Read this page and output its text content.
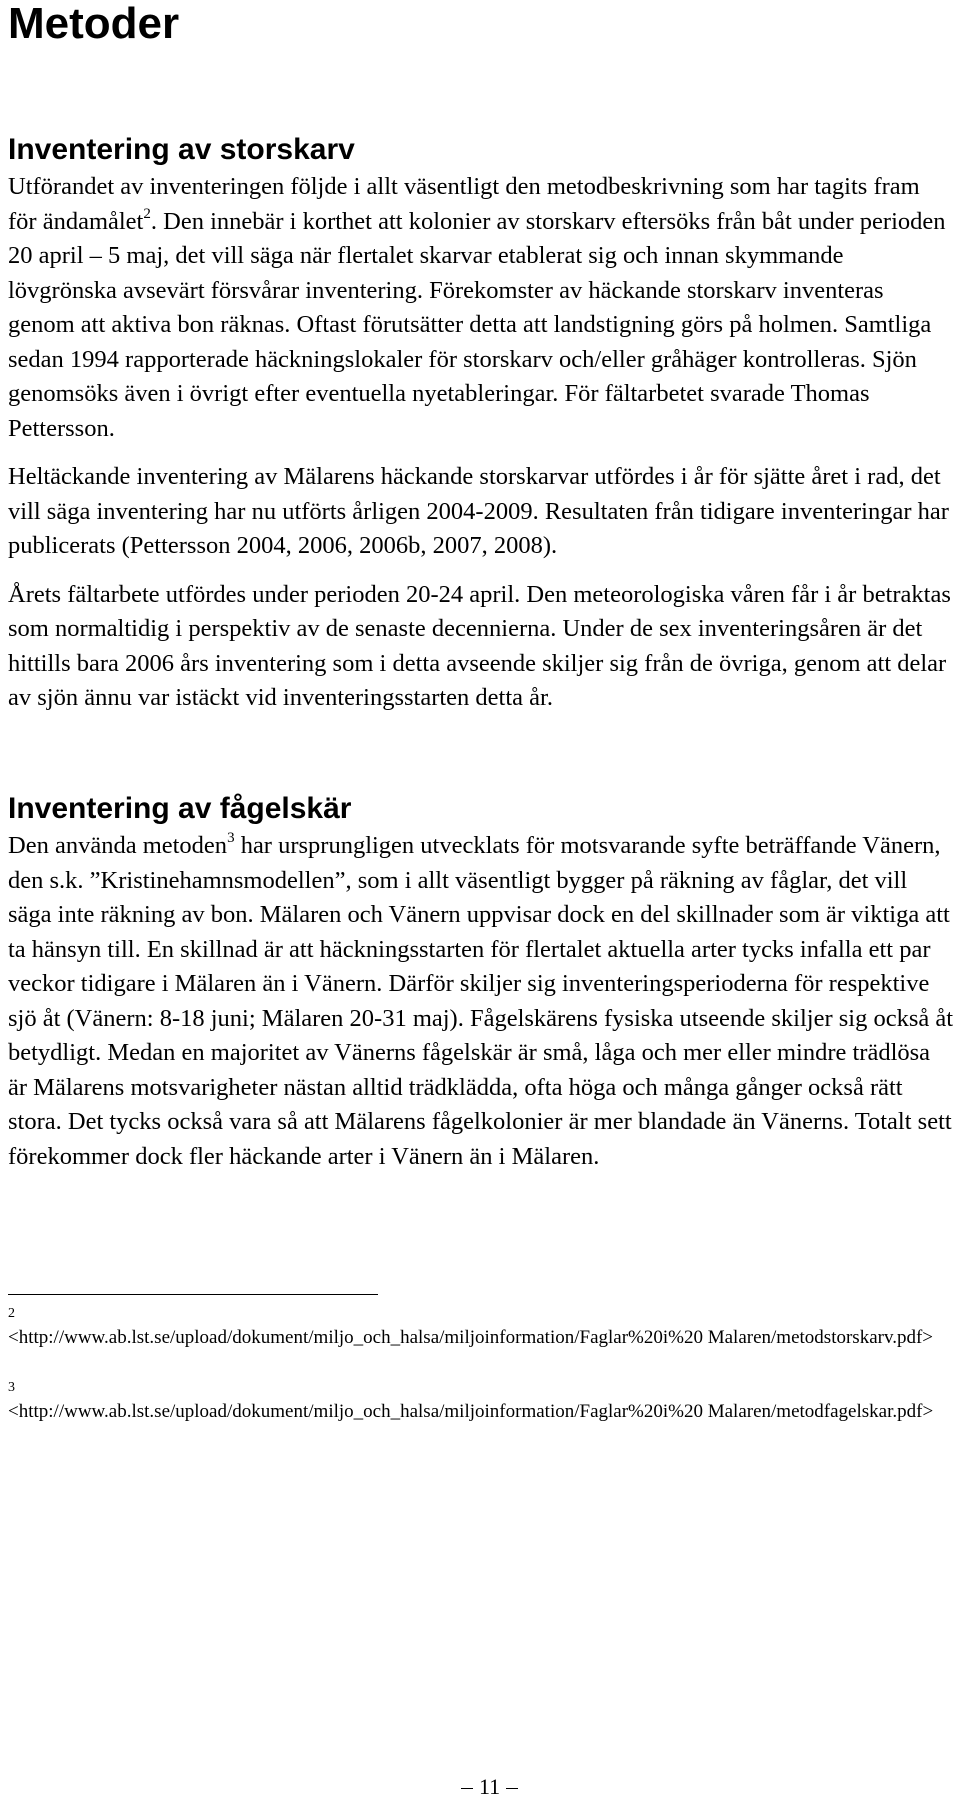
Metoder
Inventering av storskarv

Utförandet av inventeringen följde i allt väsentligt den metodbeskrivning som har tagits fram för ändamålet$^2$. Den innebär i korthet att kolonier av storskarv eftersöks från båt under perioden 20 april – 5 maj, det vill säga när flertalet skarvar etablerat sig och innan skymmande lövgrönska avsevärt försvårar inventering. Förekomster av häckande storskarv inventeras genom att aktiva bon räknas. Oftast förutsätter detta att landstigning görs på holmen. Samtliga sedan 1994 rapporterade häckningslokaler för storskarv och/eller gråhäger kontrolleras. Sjön genomsöks även i övrigt efter eventuella nyetableringar. För fältarbetet svarade Thomas Pettersson.

Heltäckande inventering av Mälarens häckande storskarvar utfördes i år för sjätte året i rad, det vill säga inventering har nu utförts årligen 2004-2009. Resultaten från tidigare inventeringar har publicerats (Pettersson 2004, 2006, 2006b, 2007, 2008).

Årets fältarbete utfördes under perioden 20-24 april. Den meteorologiska våren får i år betraktas som normaltidig i perspektiv av de senaste decennierna. Under de sex inventeringsåren är det hittills bara 2006 års inventering som i detta avseende skiljer sig från de övriga, genom att delar av sjön ännu var istäckt vid inventeringsstarten detta år.

Inventering av fågelskär

Den använda metoden$^3$ har ursprungligen utvecklats för motsvarande syfte beträffande Vänern, den s.k. ”Kristinehamnsmodellen”, som i allt väsentligt bygger på räkning av fåglar, det vill säga inte räkning av bon. Mälaren och Vänern uppvisar dock en del skillnader som är viktiga att ta hänsyn till. En skillnad är att häckningsstarten för flertalet aktuella arter tycks infalla ett par veckor tidigare i Mälaren än i Vänern. Därför skiljer sig inventeringsperioderna för respektive sjö åt (Vänern: 8-18 juni; Mälaren 20-31 maj). Fågelskärens fysiska utseende skiljer sig också åt betydligt. Medan en majoritet av Vänerns fågelskär är små, låga och mer eller mindre trädlösa är Mälarens motsvarigheter nästan alltid trädklädda, ofta höga och många gånger också rätt stora. Det tycks också vara så att Mälarens fågelkolonier är mer blandade än Vänerns. Totalt sett förekommer dock fler häckande arter i Vänern än i Mälaren.

2
<http://www.ab.lst.se/upload/dokument/miljo_och_halsa/miljoinformation/Faglar%20i%20 Malaren/metodstorskarv.pdf>
3
<http://www.ab.lst.se/upload/dokument/miljo_och_halsa/miljoinformation/Faglar%20i%20 Malaren/metodfagelskar.pdf>
11
